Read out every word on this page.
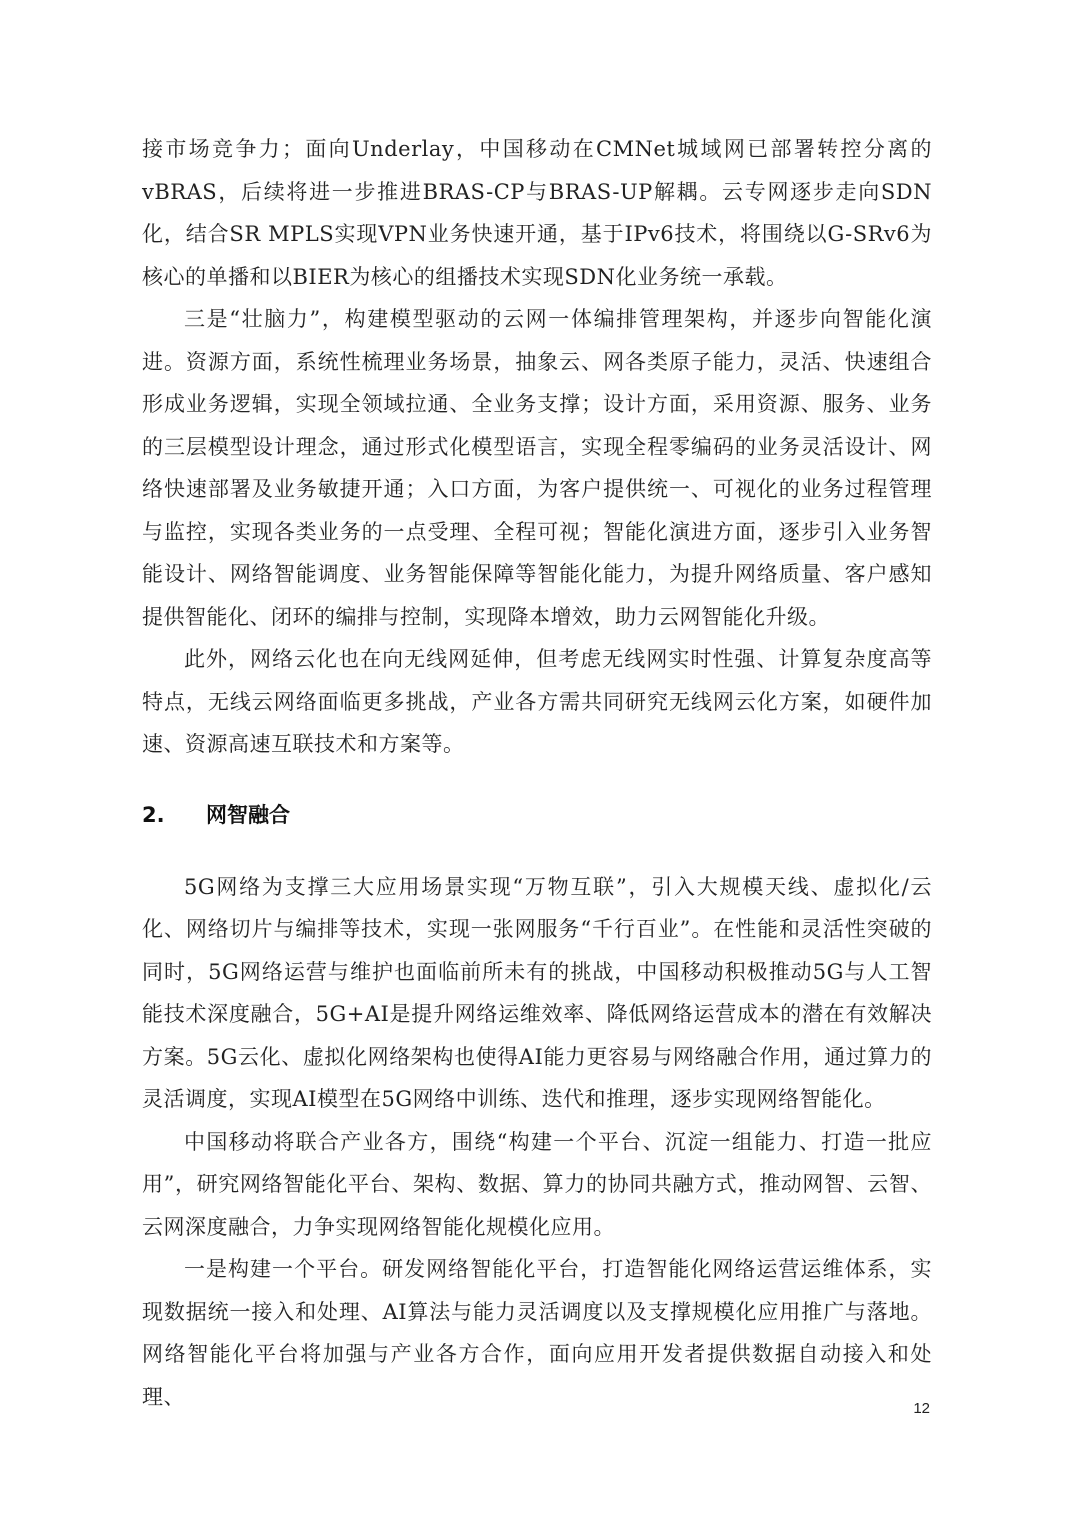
接市场竞争力；面向Underlay，中国移动在CMNet城域网已部署转控分离的vBRAS，后续将进一步推进BRAS-CP与BRAS-UP解耦。云专网逐步走向SDN化，结合SR MPLS实现VPN业务快速开通，基于IPv6技术，将围绕以G-SRv6为核心的单播和以BIER为核心的组播技术实现SDN化业务统一承载。

三是“壮脑力”，构建模型驱动的云网一体编排管理架构，并逐步向智能化演进。资源方面，系统性梳理业务场景，抽象云、网各类原子能力，灵活、快速组合形成业务逻辑，实现全领域拉通、全业务支撑；设计方面，采用资源、服务、业务的三层模型设计理念，通过形式化模型语言，实现全程零编码的业务灵活设计、网络快速部署及业务敏捷开通；入口方面，为客户提供统一、可视化的业务过程管理与监控，实现各类业务的一点受理、全程可视；智能化演进方面，逐步引入业务智能设计、网络智能调度、业务智能保障等智能化能力，为提升网络质量、客户感知提供智能化、闭环的编排与控制，实现降本增效，助力云网智能化升级。

此外，网络云化也在向无线网延伸，但考虑无线网实时性强、计算复杂度高等特点，无线云网络面临更多挑战，产业各方需共同研究无线网云化方案，如硬件加速、资源高速互联技术和方案等。

2.	网智融合

5G网络为支撑三大应用场景实现“万物互联”，引入大规模天线、虚拟化/云化、网络切片与编排等技术，实现一张网服务“千行百业”。在性能和灵活性突破的同时，5G网络运营与维护也面临前所未有的挑战，中国移动积极推动5G与人工智能技术深度融合，5G+AI是提升网络运维效率、降低网络运营成本的潜在有效解决方案。5G云化、虚拟化网络架构也使得AI能力更容易与网络融合作用，通过算力的灵活调度，实现AI模型在5G网络中训练、迭代和推理，逐步实现网络智能化。

中国移动将联合产业各方，围绕“构建一个平台、沉淀一组能力、打造一批应用”，研究网络智能化平台、架构、数据、算力的协同共融方式，推动网智、云智、云网深度融合，力争实现网络智能化规模化应用。

一是构建一个平台。研发网络智能化平台，打造智能化网络运营运维体系，实现数据统一接入和处理、AI算法与能力灵活调度以及支撑规模化应用推广与落地。网络智能化平台将加强与产业各方合作，面向应用开发者提供数据自动接入和处理、	12
